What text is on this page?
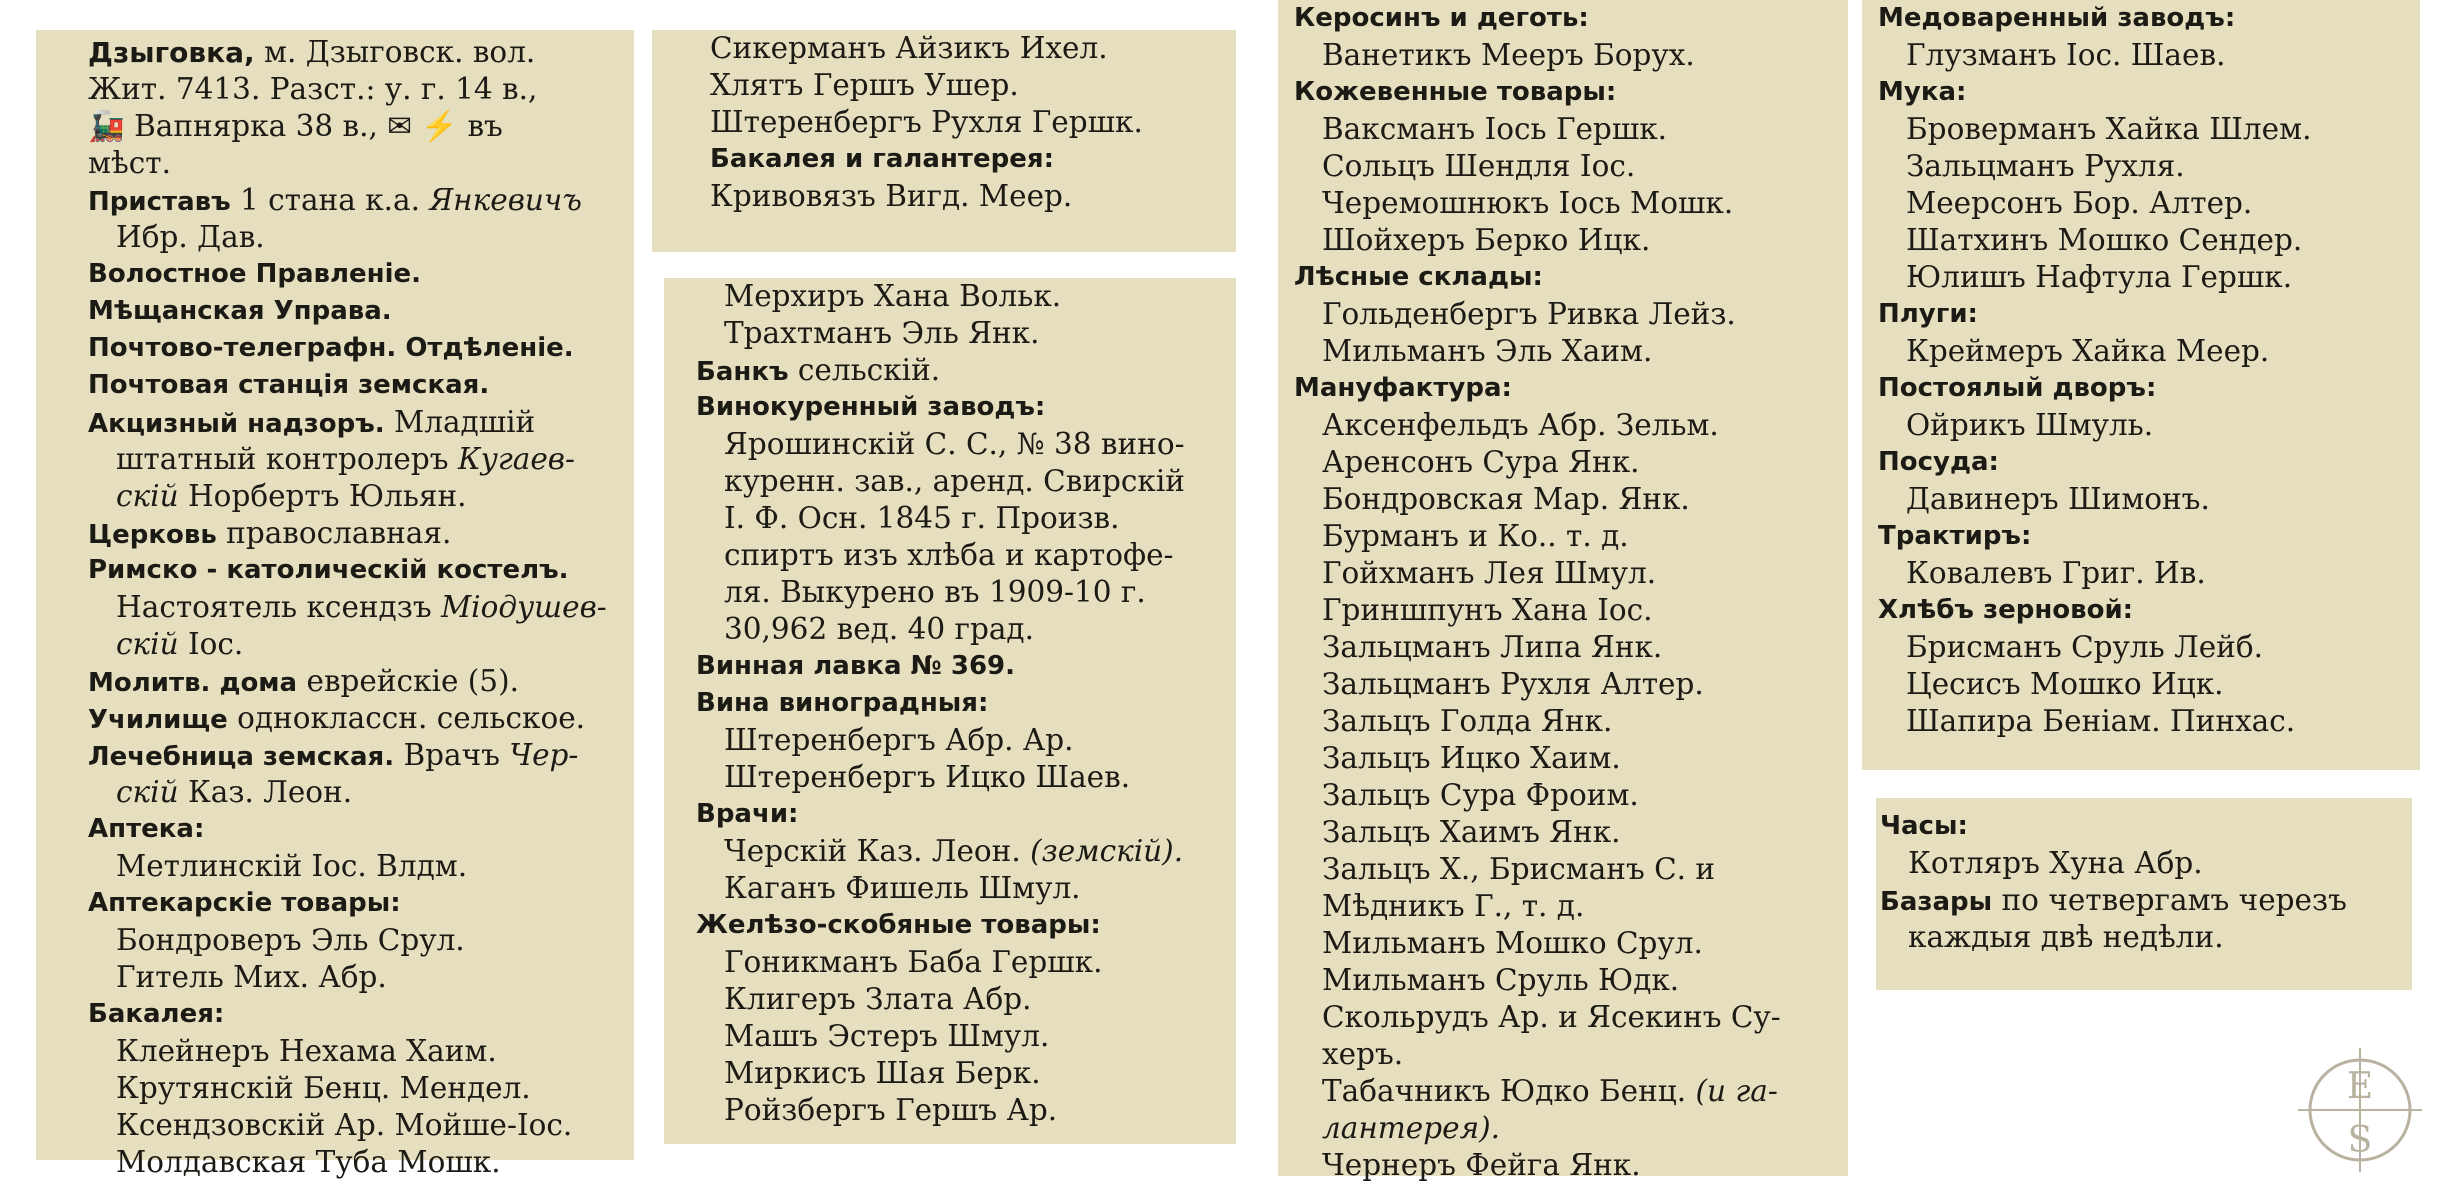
Дзыговка, м. Дзыговск. вол.
Жит. 7413. Разст.: у. г. 14 в.,
🚂 Вапнярка 38 в., ✉ ⚡ въ
мѣст.
Приставъ 1 стана к.а. Янкевичъ
Ибр. Дав.
Волостное Правленіе.
Мѣщанская Управа.
Почтово-телеграфн. Отдѣленіе.
Почтовая станція земская.
Акцизный надзоръ. Младшій
штатный контролеръ Кугаев-
скій Норбертъ Юльян.
Церковь православная.
Римско - католическій костелъ.
Настоятель ксендзъ Міодушев-
скій Іос.
Молитв. дома еврейскіе (5).
Училище одноклассн. сельское.
Лечебница земская. Врачъ Чер-
скій Каз. Леон.
Аптека:
Метлинскій Іос. Влдм.
Аптекарскіе товары:
Бондроверъ Эль Срул.
Гитель Мих. Абр.
Бакалея:
Клейнеръ Нехама Хаим.
Крутянскій Бенц. Мендел.
Ксендзовскій Ар. Мойше-Іос.
Молдавская Туба Мошк.
Сикерманъ Айзикъ Ихел.
Хлятъ Гершъ Ушер.
Штеренбергъ Рухля Гершк.
Бакалея и галантерея:
Кривовязъ Вигд. Меер.
Мерхиръ Хана Вольк.
Трахтманъ Эль Янк.
Банкъ сельскій.
Винокуренный заводъ:
Ярошинскій С. С., № 38 вино-
куренн. зав., аренд. Свирскій
І. Ф. Осн. 1845 г. Произв.
спиртъ изъ хлѣба и картофе-
ля. Выкурено въ 1909-10 г.
30,962 вед. 40 град.
Винная лавка № 369.
Вина виноградныя:
Штеренбергъ Абр. Ар.
Штеренбергъ Ицко Шаев.
Врачи:
Черскій Каз. Леон. (земскій).
Каганъ Фишель Шмул.
Желѣзо-скобяные товары:
Гоникманъ Баба Гершк.
Клигеръ Злата Абр.
Машъ Эстеръ Шмул.
Миркисъ Шая Берк.
Ройзбергъ Гершъ Ар.
Керосинъ и деготь:
Ванетикъ Мееръ Борух.
Кожевенные товары:
Ваксманъ Іось Гершк.
Сольцъ Шендля Іос.
Черемошнюкъ Іось Мошк.
Шойхеръ Берко Ицк.
Лѣсные склады:
Гольденбергъ Ривка Лейз.
Мильманъ Эль Хаим.
Мануфактура:
Аксенфельдъ Абр. Зельм.
Аренсонъ Сура Янк.
Бондровская Мар. Янк.
Бурманъ и Ко.. т. д.
Гойхманъ Лея Шмул.
Гриншпунъ Хана Іос.
Зальцманъ Липа Янк.
Зальцманъ Рухля Алтер.
Зальцъ Голда Янк.
Зальцъ Ицко Хаим.
Зальцъ Сура Фроим.
Зальцъ Хаимъ Янк.
Зальцъ Х., Брисманъ С. и
Мѣдникъ Г., т. д.
Мильманъ Мошко Срул.
Мильманъ Сруль Юдк.
Скольрудъ Ар. и Ясекинъ Су-
херъ.
Табачникъ Юдко Бенц. (и га-
лантерея).
Чернеръ Фейга Янк.
Медоваренный заводъ:
Глузманъ Іос. Шаев.
Мука:
Броверманъ Хайка Шлем.
Зальцманъ Рухля.
Меерсонъ Бор. Алтер.
Шатхинъ Мошко Сендер.
Юлишъ Нафтула Гершк.
Плуги:
Креймеръ Хайка Меер.
Постоялый дворъ:
Ойрикъ Шмуль.
Посуда:
Давинеръ Шимонъ.
Трактиръ:
Ковалевъ Григ. Ив.
Хлѣбъ зерновой:
Брисманъ Сруль Лейб.
Цесисъ Мошко Ицк.
Шапира Беніам. Пинхас.
Часы:
Котляръ Хуна Абр.
Базары по четвергамъ черезъ
каждыя двѣ недѣли.
E
S
